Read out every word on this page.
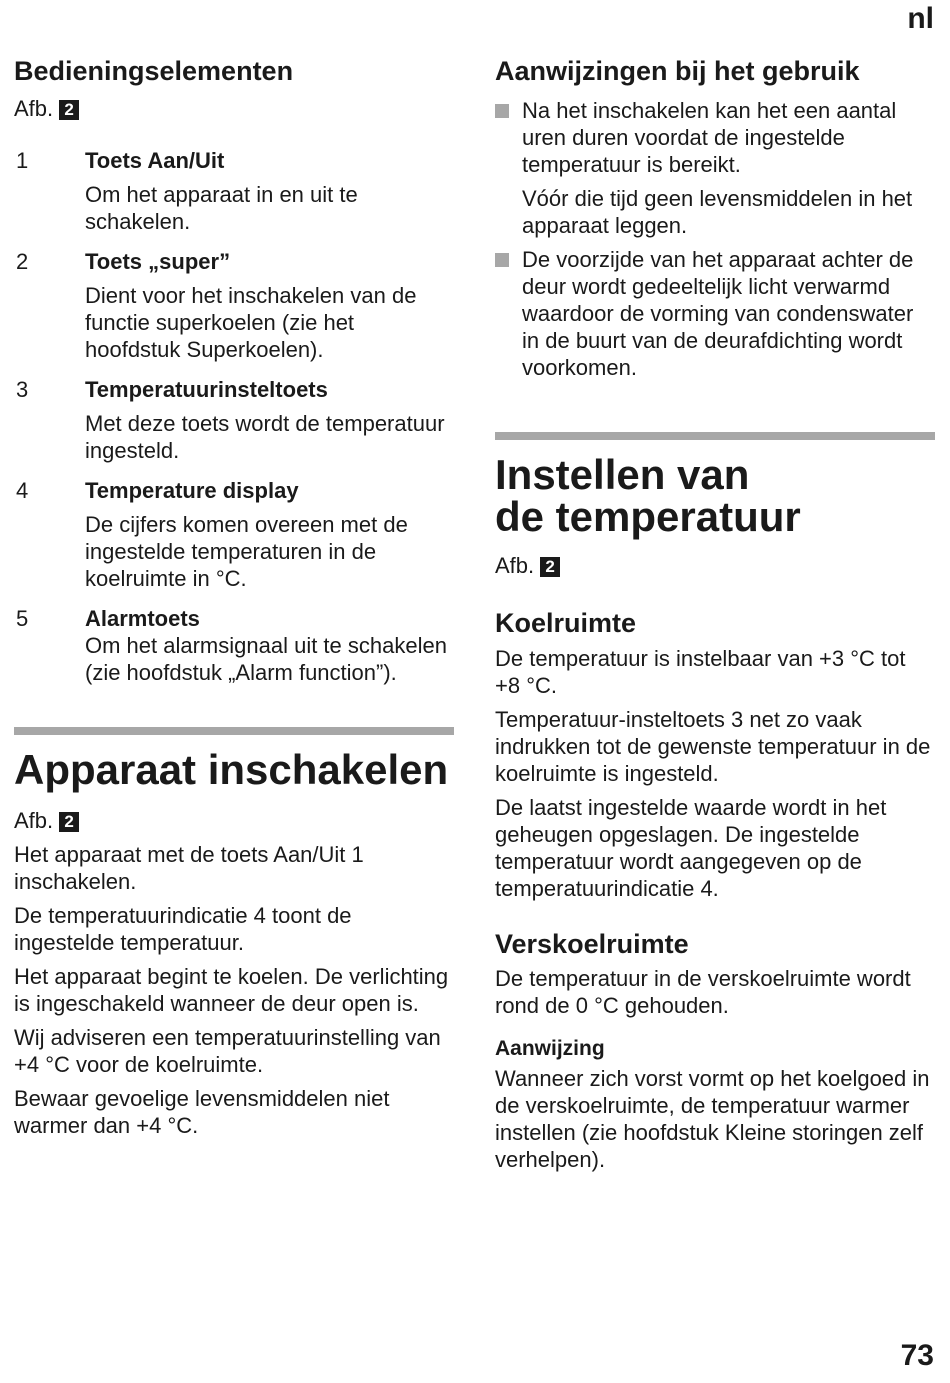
nl
Bedieningselementen
Afb. 2
1	Toets Aan/Uit

Om het apparaat in en uit te schakelen.

2	Toets „super”

Dient voor het inschakelen van de functie superkoelen (zie het hoofdstuk Superkoelen).

3	Temperatuurinsteltoets

Met deze toets wordt de temperatuur ingesteld.

4	Temperature display

De cijfers komen overeen met de ingestelde temperaturen in de koelruimte in °C.

5	Alarmtoets

Om het alarmsignaal uit te schakelen (zie hoofdstuk „Alarm function”).

Apparaat inschakelen
Afb. 2

Het apparaat met de toets Aan/Uit 1 inschakelen.

De temperatuurindicatie 4 toont de ingestelde temperatuur.

Het apparaat begint te koelen. De verlichting is ingeschakeld wanneer de deur open is.

Wij adviseren een temperatuurinstelling van +4 °C voor de koelruimte.

Bewaar gevoelige levensmiddelen niet warmer dan +4 °C.

Aanwijzingen bij het gebruik

Na het inschakelen kan het een aantal uren duren voordat de ingestelde temperatuur is bereikt.

Vóór die tijd geen levensmiddelen in het apparaat leggen.

De voorzijde van het apparaat achter de deur wordt gedeeltelijk licht verwarmd waardoor de vorming van condenswater in de buurt van de deurafdichting wordt voorkomen.

Instellen van
de temperatuur
Afb. 2
Koelruimte

De temperatuur is instelbaar van +3 °C tot +8 °C.

Temperatuur-insteltoets 3 net zo vaak indrukken tot de gewenste temperatuur in de koelruimte is ingesteld.

De laatst ingestelde waarde wordt in het geheugen opgeslagen. De ingestelde temperatuur wordt aangegeven op de temperatuurindicatie 4.

Verskoelruimte

De temperatuur in de verskoelruimte wordt rond de 0 °C gehouden.

Aanwijzing

Wanneer zich vorst vormt op het koelgoed in de verskoelruimte, de temperatuur warmer instellen (zie hoofdstuk Kleine storingen zelf verhelpen).

73
